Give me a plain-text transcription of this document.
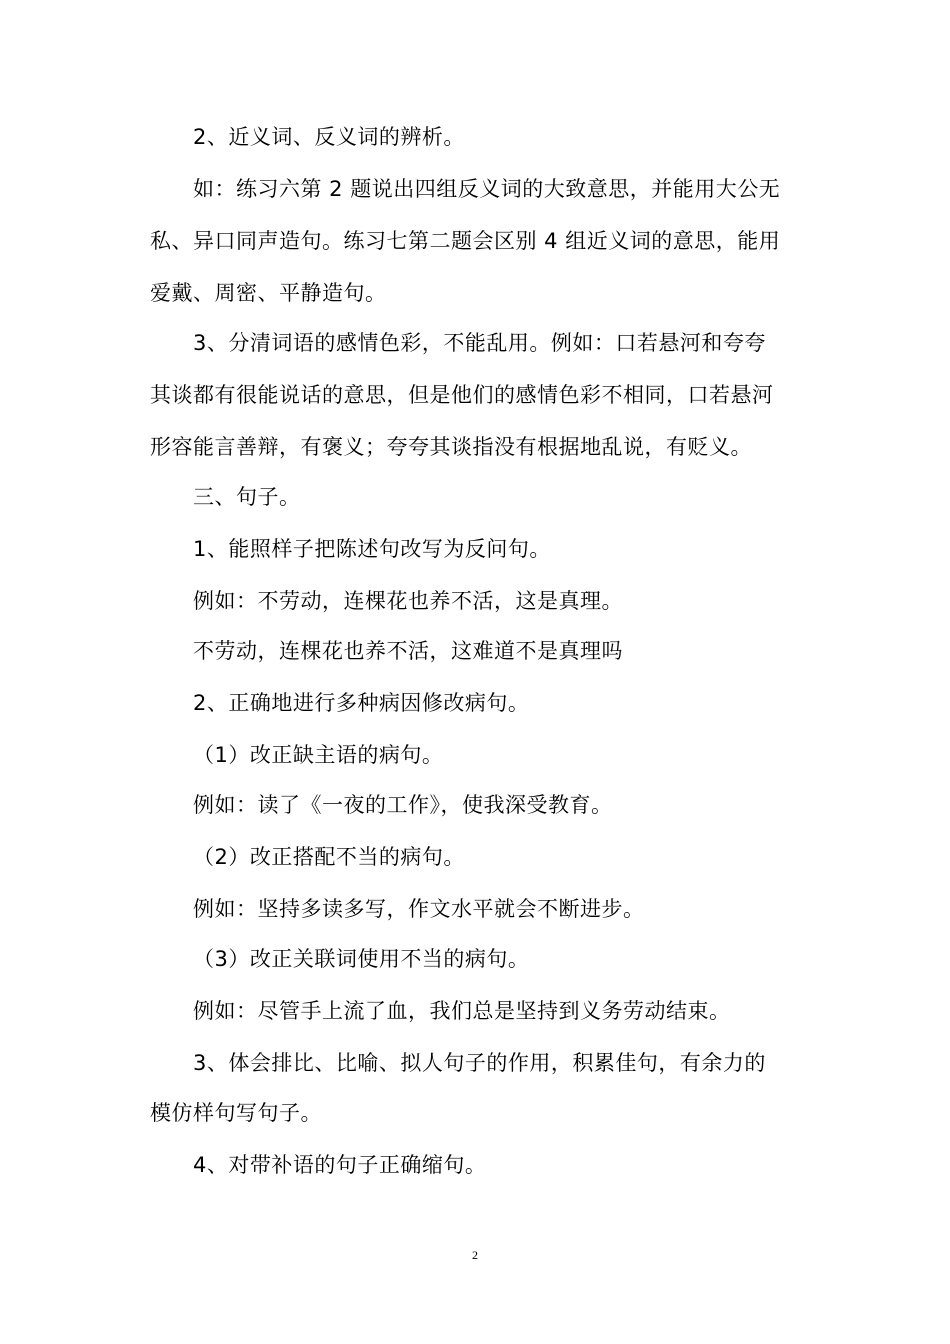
2、近义词、反义词的辨析。
如：练习六第 2 题说出四组反义词的大致意思，并能用大公无
私、异口同声造句。练习七第二题会区别 4 组近义词的意思，能用
爱戴、周密、平静造句。
3、分清词语的感情色彩，不能乱用。例如：口若悬河和夸夸
其谈都有很能说话的意思，但是他们的感情色彩不相同，口若悬河
形容能言善辩，有褒义；夸夸其谈指没有根据地乱说，有贬义。
三、句子。
1、能照样子把陈述句改写为反问句。
例如：不劳动，连棵花也养不活，这是真理。
不劳动，连棵花也养不活，这难道不是真理吗
2、正确地进行多种病因修改病句。
（1）改正缺主语的病句。
例如：读了《一夜的工作》，使我深受教育。
（2）改正搭配不当的病句。
例如：坚持多读多写，作文水平就会不断进步。
（3）改正关联词使用不当的病句。
例如：尽管手上流了血，我们总是坚持到义务劳动结束。
3、体会排比、比喻、拟人句子的作用，积累佳句，有余力的
模仿样句写句子。
4、对带补语的句子正确缩句。
2
